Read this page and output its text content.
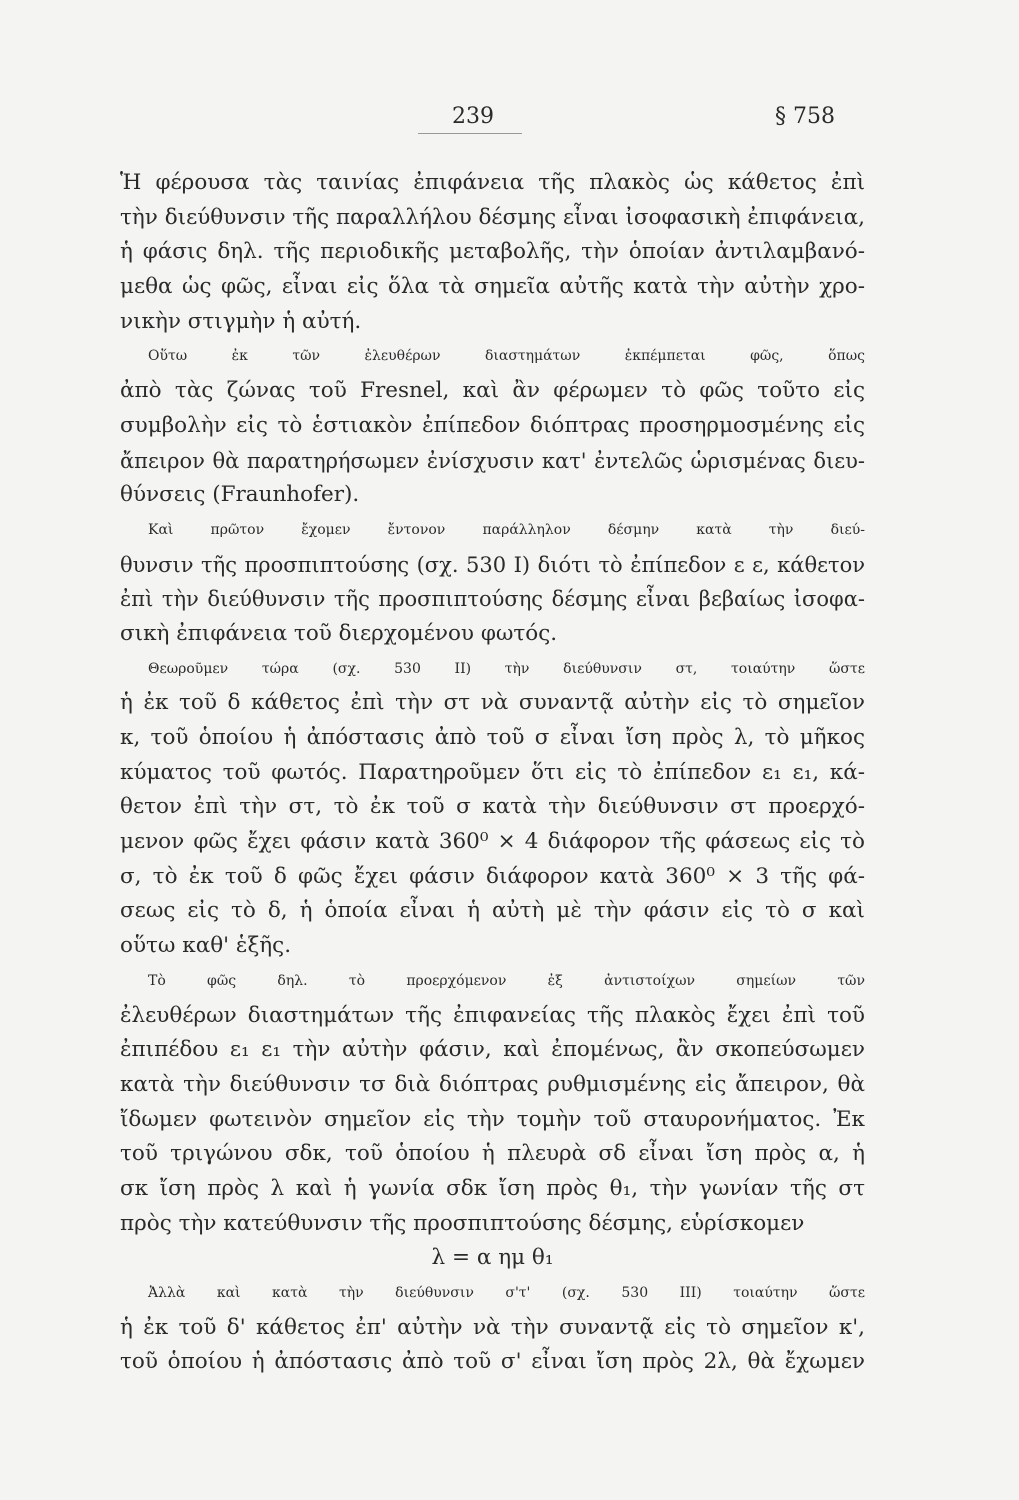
239	§ 758
Ἡ φέρουσα τὰς ταινίας ἐπιφάνεια τῆς πλακὸς ὡς κάθετος ἐπὶ
τὴν διεύθυνσιν τῆς παραλλήλου δέσμης εἶναι ἰσοφασικὴ ἐπιφάνεια,
ἡ φάσις δηλ. τῆς περιοδικῆς μεταβολῆς, τὴν ὁποίαν ἀντιλαμβανό-
μεθα ὡς φῶς, εἶναι εἰς ὅλα τὰ σημεῖα αὐτῆς κατὰ τὴν αὐτὴν χρο-
νικὴν στιγμὴν ἡ αὐτή.
Οὕτω ἐκ τῶν ἐλευθέρων διαστημάτων ἐκπέμπεται φῶς, ὅπως
ἀπὸ τὰς ζώνας τοῦ Fresnel, καὶ ἂν φέρωμεν τὸ φῶς τοῦτο εἰς
συμβολὴν εἰς τὸ ἑστιακὸν ἐπίπεδον διόπτρας προσηρμοσμένης εἰς
ἄπειρον θὰ παρατηρήσωμεν ἐνίσχυσιν κατ' ἐντελῶς ὡρισμένας διευ-
θύνσεις (Fraunhofer).
Καὶ πρῶτον ἔχομεν ἔντονον παράλληλον δέσμην κατὰ τὴν διεύ-
θυνσιν τῆς προσπιπτούσης (σχ. 530 I) διότι τὸ ἐπίπεδον ε ε, κάθετον
ἐπὶ τὴν διεύθυνσιν τῆς προσπιπτούσης δέσμης εἶναι βεβαίως ἰσοφα-
σικὴ ἐπιφάνεια τοῦ διερχομένου φωτός.
Θεωροῦμεν τώρα (σχ. 530 II) τὴν διεύθυνσιν στ, τοιαύτην ὥστε
ἡ ἐκ τοῦ δ κάθετος ἐπὶ τὴν στ νὰ συναντᾷ αὐτὴν εἰς τὸ σημεῖον
κ, τοῦ ὁποίου ἡ ἀπόστασις ἀπὸ τοῦ σ εἶναι ἴση πρὸς λ, τὸ μῆκος
κύματος τοῦ φωτός. Παρατηροῦμεν ὅτι εἰς τὸ ἐπίπεδον ε₁ ε₁, κά-
θετον ἐπὶ τὴν στ, τὸ ἐκ τοῦ σ κατὰ τὴν διεύθυνσιν στ προερχό-
μενον φῶς ἔχει φάσιν κατὰ 360⁰ × 4 διάφορον τῆς φάσεως εἰς τὸ
σ, τὸ ἐκ τοῦ δ φῶς ἔχει φάσιν διάφορον κατὰ 360⁰ × 3 τῆς φά-
σεως εἰς τὸ δ, ἡ ὁποία εἶναι ἡ αὐτὴ μὲ τὴν φάσιν εἰς τὸ σ καὶ
οὕτω καθ' ἑξῆς.
Τὸ φῶς δηλ. τὸ προερχόμενον ἐξ ἀντιστοίχων σημείων τῶν
ἐλευθέρων διαστημάτων τῆς ἐπιφανείας τῆς πλακὸς ἔχει ἐπὶ τοῦ
ἐπιπέδου ε₁ ε₁ τὴν αὐτὴν φάσιν, καὶ ἐπομένως, ἂν σκοπεύσωμεν
κατὰ τὴν διεύθυνσιν τσ διὰ διόπτρας ρυθμισμένης εἰς ἄπειρον, θὰ
ἴδωμεν φωτεινὸν σημεῖον εἰς τὴν τομὴν τοῦ σταυρονήματος. Ἐκ
τοῦ τριγώνου σδκ, τοῦ ὁποίου ἡ πλευρὰ σδ εἶναι ἴση πρὸς α, ἡ
σκ ἴση πρὸς λ καὶ ἡ γωνία σδκ ἴση πρὸς θ₁, τὴν γωνίαν τῆς στ
πρὸς τὴν κατεύθυνσιν τῆς προσπιπτούσης δέσμης, εὑρίσκομεν
λ = α ημ θ₁
Ἀλλὰ καὶ κατὰ τὴν διεύθυνσιν σ'τ' (σχ. 530 III) τοιαύτην ὥστε
ἡ ἐκ τοῦ δ' κάθετος ἐπ' αὐτὴν νὰ τὴν συναντᾷ εἰς τὸ σημεῖον κ',
τοῦ ὁποίου ἡ ἀπόστασις ἀπὸ τοῦ σ' εἶναι ἴση πρὸς 2λ, θὰ ἔχωμεν
